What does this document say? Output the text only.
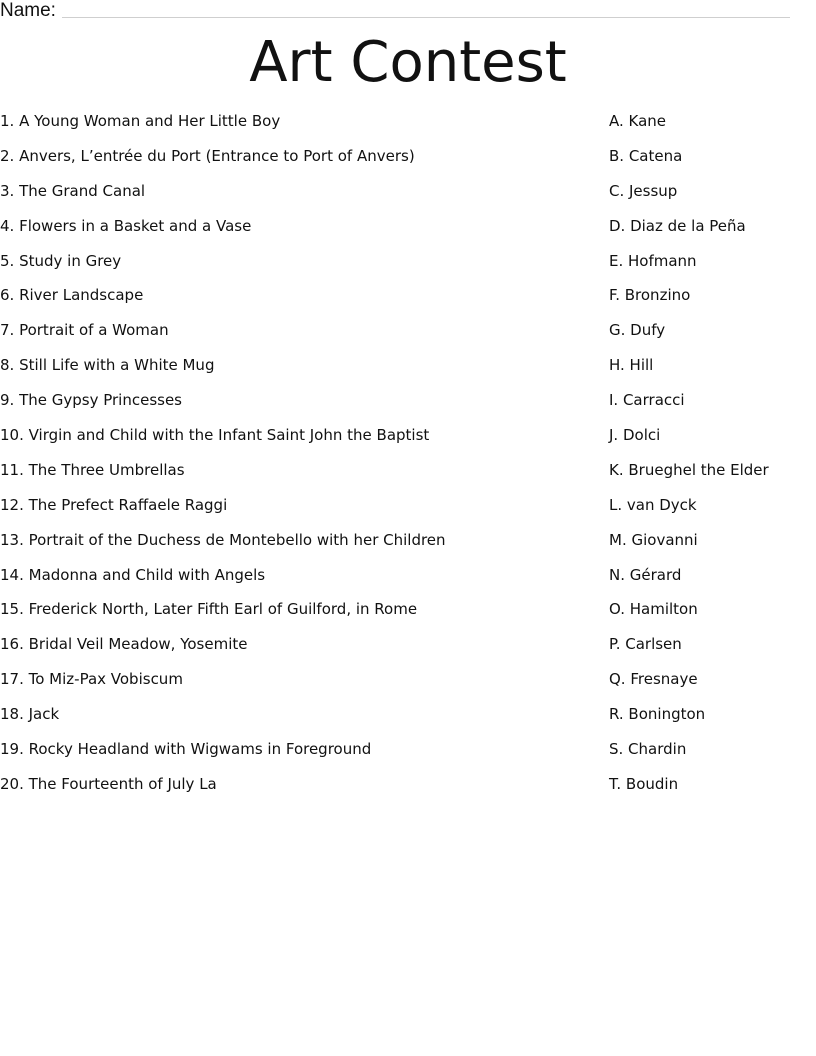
Name:
Art Contest
1. A Young Woman and Her Little Boy
2. Anvers, L’entrée du Port (Entrance to Port of Anvers)
3. The Grand Canal
4. Flowers in a Basket and a Vase
5. Study in Grey
6. River Landscape
7. Portrait of a Woman
8. Still Life with a White Mug
9. The Gypsy Princesses
10. Virgin and Child with the Infant Saint John the Baptist
11. The Three Umbrellas
12. The Prefect Raffaele Raggi
13. Portrait of the Duchess de Montebello with her Children
14. Madonna and Child with Angels
15. Frederick North, Later Fifth Earl of Guilford, in Rome
16. Bridal Veil Meadow, Yosemite
17. To Miz-Pax Vobiscum
18. Jack
19. Rocky Headland with Wigwams in Foreground
20. The Fourteenth of July La
A. Kane
B. Catena
C. Jessup
D. Diaz de la Peña
E. Hofmann
F. Bronzino
G. Dufy
H. Hill
I. Carracci
J. Dolci
K. Brueghel the Elder
L. van Dyck
M. Giovanni
N. Gérard
O. Hamilton
P. Carlsen
Q. Fresnaye
R. Bonington
S. Chardin
T. Boudin
